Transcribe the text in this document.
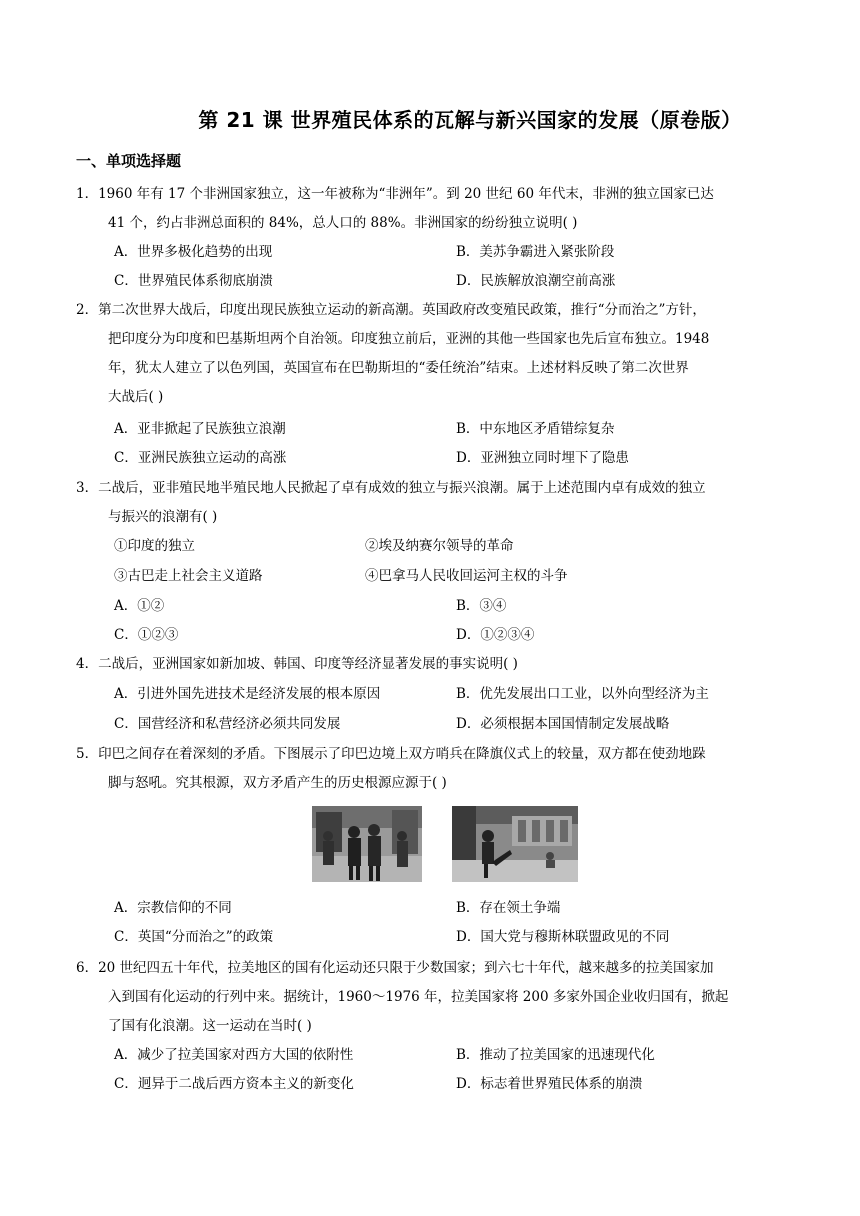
第 21 课 世界殖民体系的瓦解与新兴国家的发展（原卷版）
一、单项选择题
1．1960 年有 17 个非洲国家独立，这一年被称为“非洲年”。到 20 世纪 60 年代末，非洲的独立国家已达
41 个，约占非洲总面积的 84%，总人口的 88%。非洲国家的纷纷独立说明( )
A．世界多极化趋势的出现	B．美苏争霸进入紧张阶段
C．世界殖民体系彻底崩溃	D．民族解放浪潮空前高涨
2．第二次世界大战后，印度出现民族独立运动的新高潮。英国政府改变殖民政策，推行“分而治之”方针，
把印度分为印度和巴基斯坦两个自治领。印度独立前后，亚洲的其他一些国家也先后宣布独立。1948
年，犹太人建立了以色列国，英国宣布在巴勒斯坦的“委任统治”结束。上述材料反映了第二次世界
大战后( )
A．亚非掀起了民族独立浪潮	B．中东地区矛盾错综复杂
C．亚洲民族独立运动的高涨	D．亚洲独立同时埋下了隐患
3．二战后，亚非殖民地半殖民地人民掀起了卓有成效的独立与振兴浪潮。属于上述范围内卓有成效的独立
与振兴的浪潮有( )
①印度的独立	②埃及纳赛尔领导的革命
③古巴走上社会主义道路	④巴拿马人民收回运河主权的斗争
A．①②	B．③④
C．①②③	D．①②③④
4．二战后，亚洲国家如新加坡、韩国、印度等经济显著发展的事实说明( )
A．引进外国先进技术是经济发展的根本原因	B．优先发展出口工业，以外向型经济为主
C．国营经济和私营经济必须共同发展	D．必须根据本国国情制定发展战略
5．印巴之间存在着深刻的矛盾。下图展示了印巴边境上双方哨兵在降旗仪式上的较量，双方都在使劲地跺
脚与怒吼。究其根源，双方矛盾产生的历史根源应源于( )
A．宗教信仰的不同	B．存在领土争端
C．英国“分而治之”的政策	D．国大党与穆斯林联盟政见的不同
6．20 世纪四五十年代，拉美地区的国有化运动还只限于少数国家；到六七十年代，越来越多的拉美国家加
入到国有化运动的行列中来。据统计，1960～1976 年，拉美国家将 200 多家外国企业收归国有，掀起
了国有化浪潮。这一运动在当时( )
A．减少了拉美国家对西方大国的依附性	B．推动了拉美国家的迅速现代化
C．迥异于二战后西方资本主义的新变化	D．标志着世界殖民体系的崩溃
